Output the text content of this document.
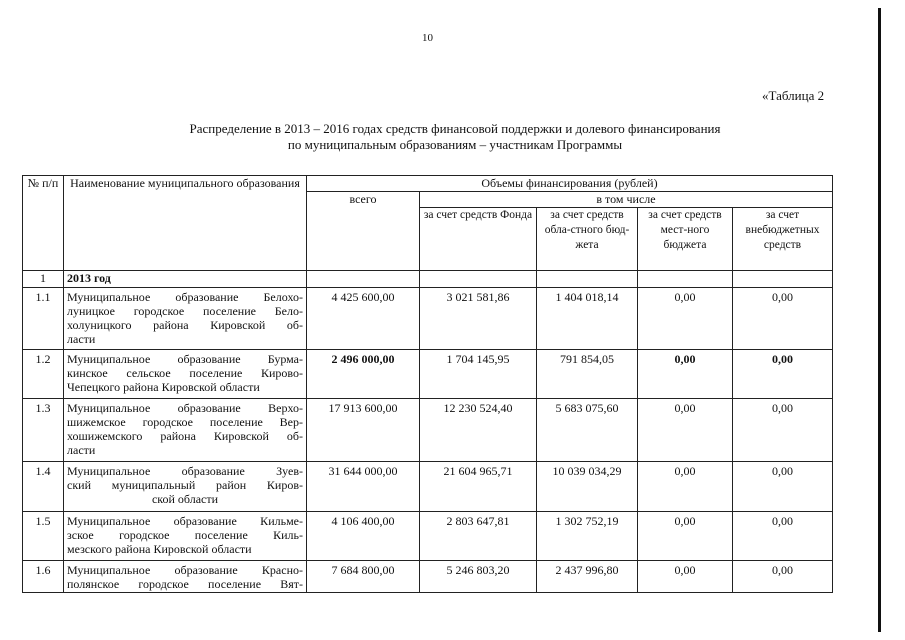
10
«Таблица 2
Распределение в 2013 – 2016 годах средств финансовой поддержки и долевого финансирования
по муниципальным образованиям – участникам Программы
№ п/п	Наименование муниципального образования	Объемы финансирования (рублей)				
		всего	в том числе			
			за счет средств Фонда	за счет средств обла-стного бюд-жета	за счет средств мест-ного бюджета	за счет внебюджетных средств
1	2013 год					
1.1	Муниципальное образование Белохо-
луницкое городское поселение Бело-
холуницкого района Кировской об-
ласти	4 425 600,00	3 021 581,86	1 404 018,14	0,00	0,00
1.2	Муниципальное образование Бурма-
кинское сельское поселение Кирово-
Чепецкого района Кировской области	2 496 000,00	1 704 145,95	791 854,05	0,00	0,00
1.3	Муниципальное образование Верхо-
шижемское городское поселение Вер-
хошижемского района Кировской об-
ласти	17 913 600,00	12 230 524,40	5 683 075,60	0,00	0,00
1.4	Муниципальное образование Зуев-
ский муниципальный район Киров-
ской области	31 644 000,00	21 604 965,71	10 039 034,29	0,00	0,00
1.5	Муниципальное образование Кильме-
зское городское поселение Киль-
мезского района Кировской области	4 106 400,00	2 803 647,81	1 302 752,19	0,00	0,00
1.6	Муниципальное образование Красно-
полянское городское поселение Вят-	7 684 800,00	5 246 803,20	2 437 996,80	0,00	0,00
